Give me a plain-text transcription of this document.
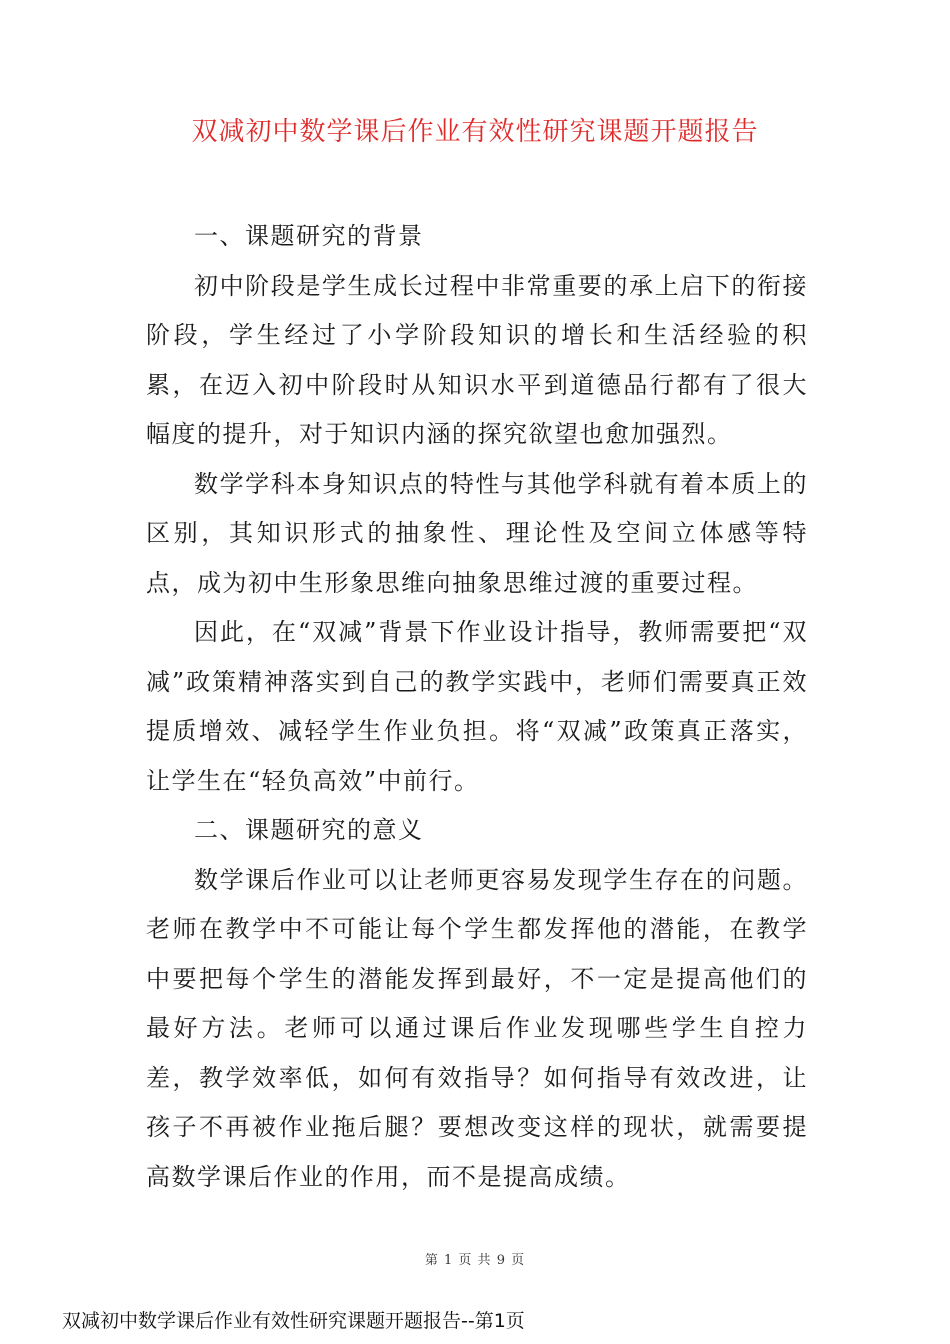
双减初中数学课后作业有效性研究课题开题报告

一、课题研究的背景

初中阶段是学生成长过程中非常重要的承上启下的衔接阶段，学生经过了小学阶段知识的增长和生活经验的积累，在迈入初中阶段时从知识水平到道德品行都有了很大幅度的提升，对于知识内涵的探究欲望也愈加强烈。

数学学科本身知识点的特性与其他学科就有着本质上的区别，其知识形式的抽象性、理论性及空间立体感等特点，成为初中生形象思维向抽象思维过渡的重要过程。

因此，在“双减”背景下作业设计指导，教师需要把“双减”政策精神落实到自己的教学实践中，老师们需要真正效提质增效、减轻学生作业负担。将“双减”政策真正落实，让学生在“轻负高效”中前行。

二、课题研究的意义

数学课后作业可以让老师更容易发现学生存在的问题。老师在教学中不可能让每个学生都发挥他的潜能，在教学中要把每个学生的潜能发挥到最好，不一定是提高他们的最好方法。老师可以通过课后作业发现哪些学生自控力差，教学效率低，如何有效指导？如何指导有效改进，让孩子不再被作业拖后腿？要想改变这样的现状，就需要提高数学课后作业的作用，而不是提高成绩。

第 1 页 共 9 页
双减初中数学课后作业有效性研究课题开题报告--第1页
